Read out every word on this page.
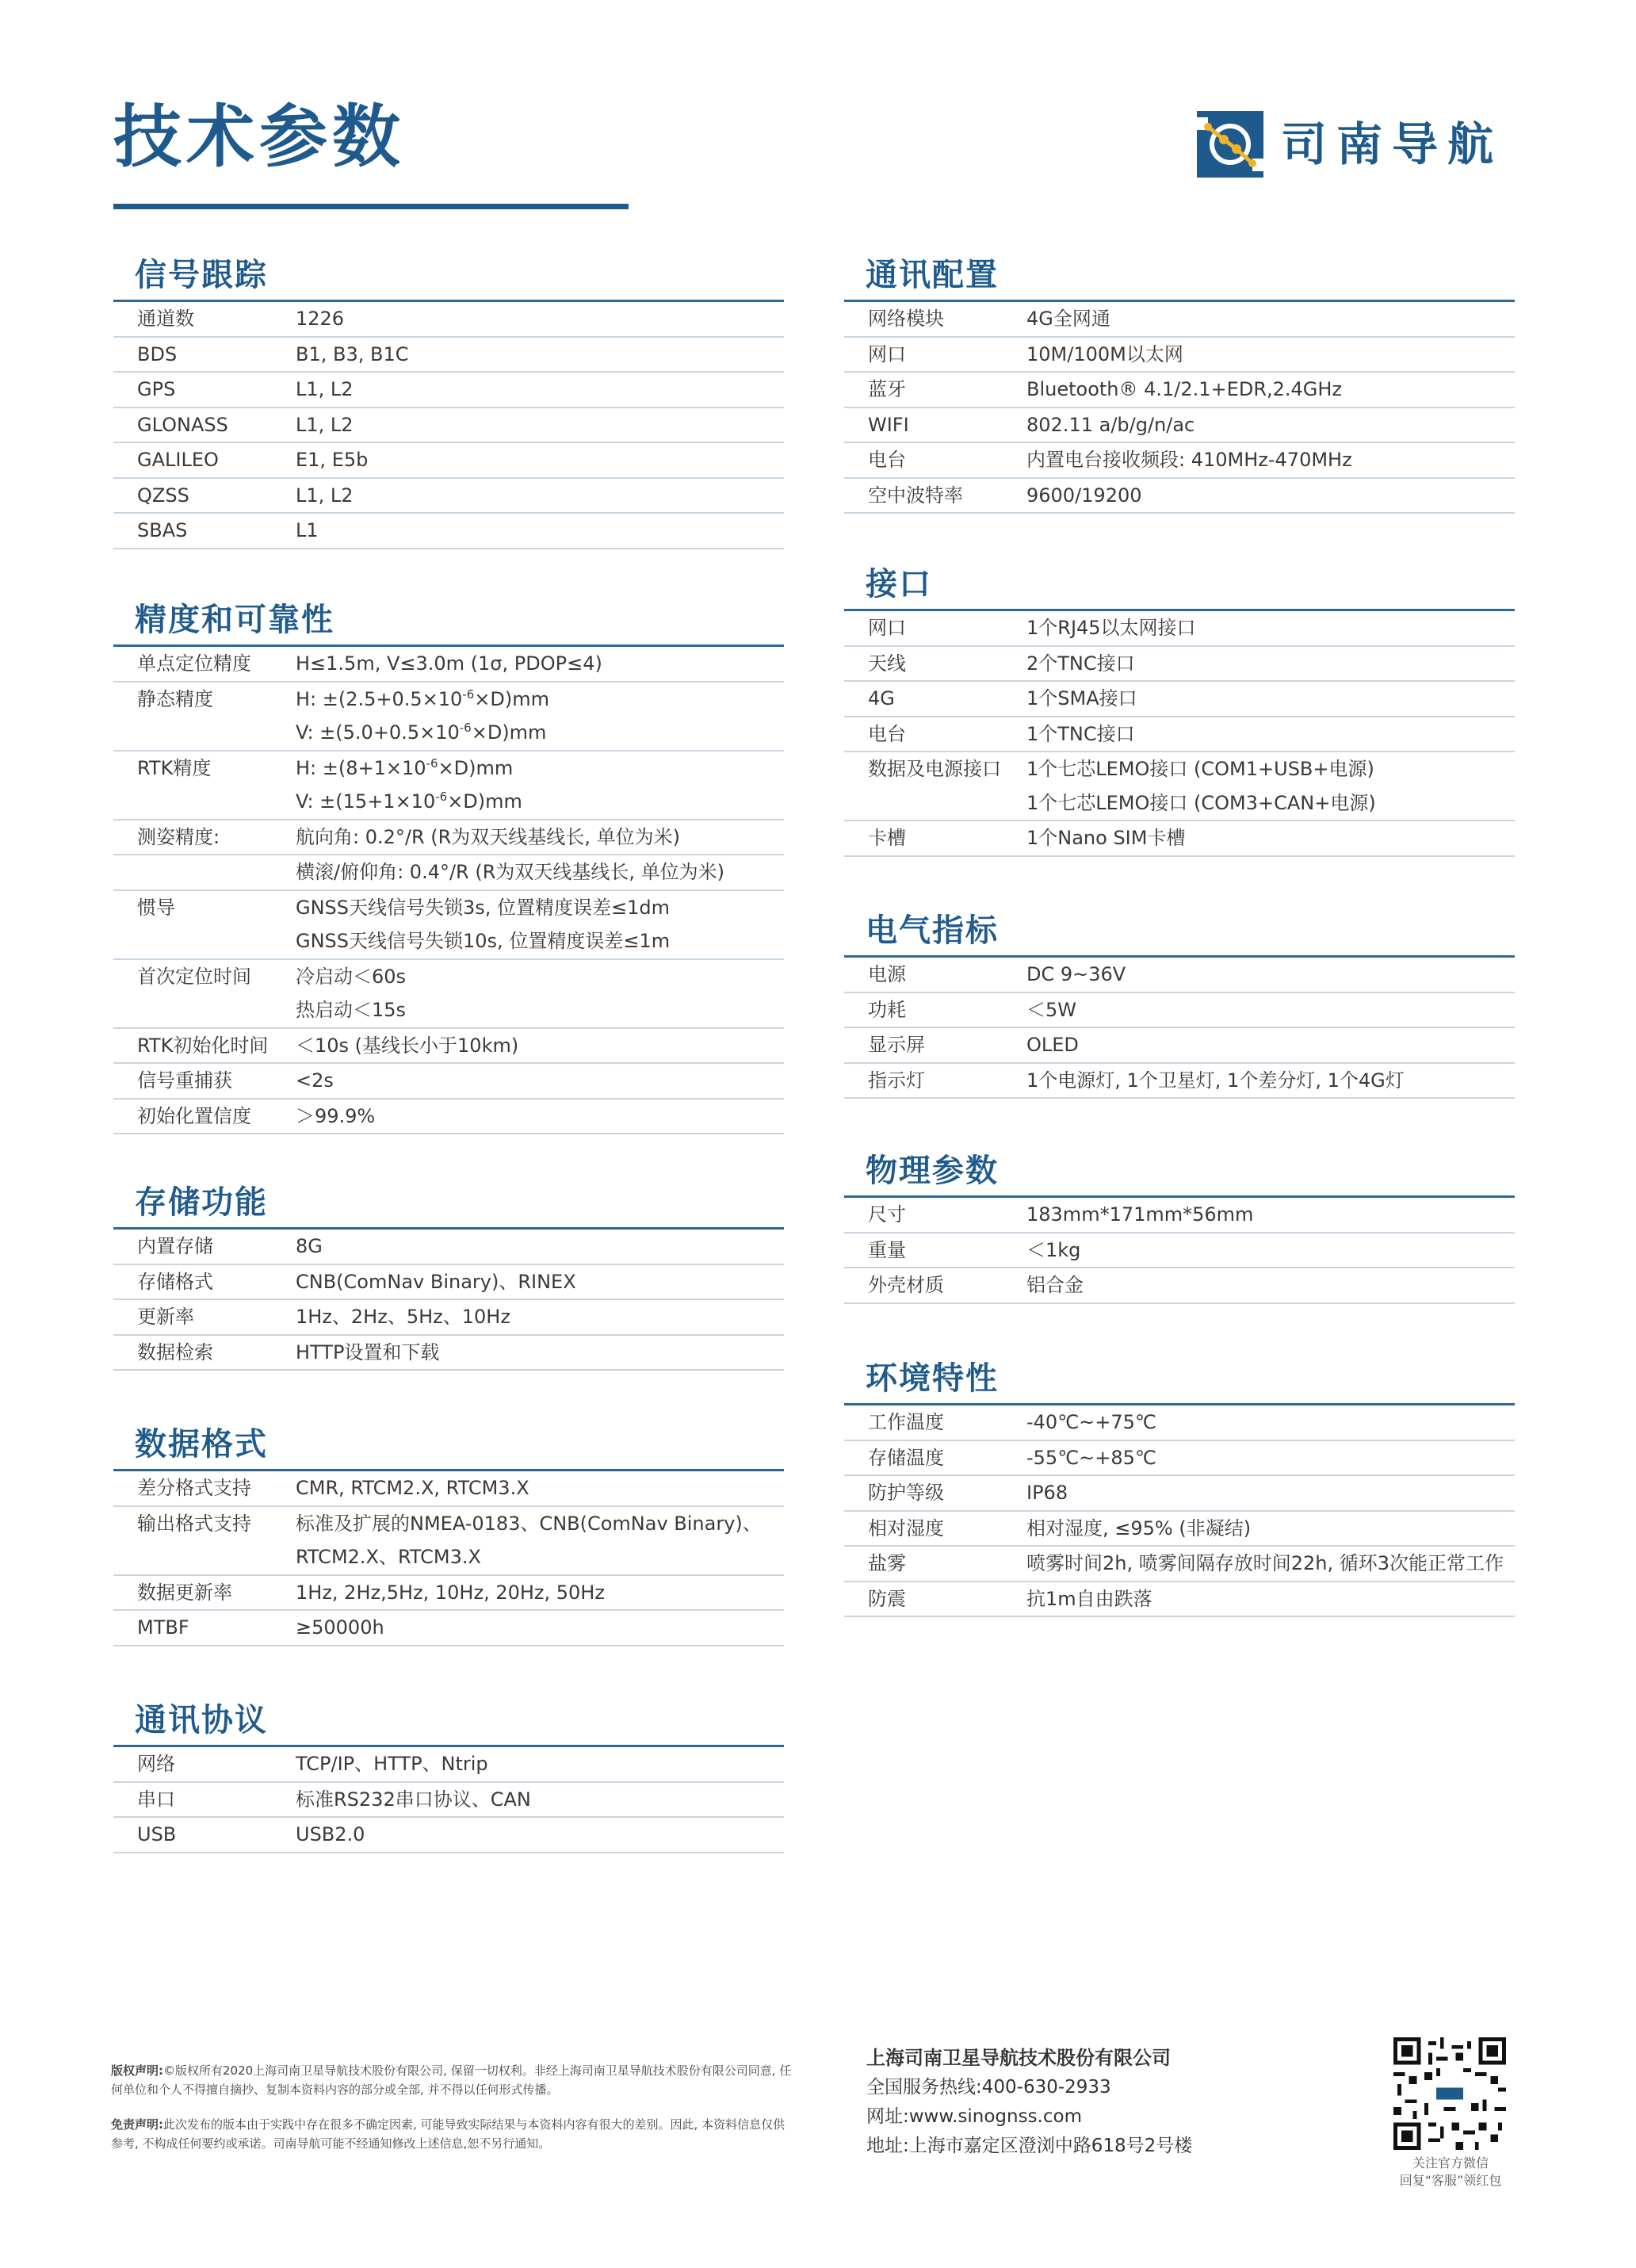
技术参数	司南导航
信号跟踪
通道数	1226
BDS	B1, B3, B1C
GPS	L1, L2
GLONASS	L1, L2
GALILEO	E1, E5b
QZSS	L1, L2
SBAS	L1
精度和可靠性
单点定位精度	H≤1.5m, V≤3.0m (1σ, PDOP≤4)
静态精度	H: $\pm(2.5+0.5\times 10^{-6}\times D)mm$
V: $\pm(5.0+0.5\times 10^{-6}\times D)mm$
RTK精度	H: $\pm(8+1\times 10^{-6}\times D)mm$
V: $\pm(15+1\times 10^{-6}\times D)mm$
测姿精度:	航向角: 0.2°/R (R为双天线基线长, 单位为米)
横滚/俯仰角: 0.4°/R (R为双天线基线长, 单位为米)
惯导	GNSS天线信号失锁3s, 位置精度误差≤1dm
GNSS天线信号失锁10s, 位置精度误差≤1m
首次定位时间	冷启动＜60s
热启动＜15s
RTK初始化时间	＜10s (基线长小于10km)
信号重捕获	<2s
初始化置信度	＞99.9%
存储功能
内置存储	8G
存储格式	CNB(ComNav Binary)、RINEX
更新率	1Hz、2Hz、5Hz、10Hz
数据检索	HTTP设置和下载
数据格式
差分格式支持	CMR, RTCM2.X, RTCM3.X
输出格式支持	标准及扩展的NMEA-0183、CNB(ComNav Binary)、
RTCM2.X、RTCM3.X
数据更新率	1Hz, 2Hz,5Hz, 10Hz, 20Hz, 50Hz
MTBF	≥50000h
通讯协议
网络	TCP/IP、HTTP、Ntrip
串口	标准RS232串口协议、CAN
USB	USB2.0
通讯配置
网络模块	4G全网通
网口	10M/100M以太网
蓝牙	Bluetooth® 4.1/2.1+EDR,2.4GHz
WIFI	802.11 a/b/g/n/ac
电台	内置电台接收频段: 410MHz-470MHz
空中波特率	9600/19200
接口
网口	1个RJ45以太网接口
天线	2个TNC接口
4G	1个SMA接口
电台	1个TNC接口
数据及电源接口	1个七芯LEMO接口 (COM1+USB+电源)
1个七芯LEMO接口 (COM3+CAN+电源)
卡槽	1个Nano SIM卡槽
电气指标
电源	DC 9~36V
功耗	＜5W
显示屏	OLED
指示灯	1个电源灯, 1个卫星灯, 1个差分灯, 1个4G灯
物理参数
尺寸	183mm*171mm*56mm
重量	＜1kg
外壳材质	铝合金
环境特性
工作温度	-40℃~+75℃
存储温度	-55℃~+85℃
防护等级	IP68
相对湿度	相对湿度, ≤95% (非凝结)
盐雾	喷雾时间2h, 喷雾间隔存放时间22h, 循环3次能正常工作
防震	抗1m自由跌落

版权声明:©版权所有2020上海司南卫星导航技术股份有限公司, 保留一切权利。非经上海司南卫星导航技术股份有限公司同意, 任何单位和个人不得擅自摘抄、复制本资料内容的部分或全部, 并不得以任何形式传播。

免责声明:此次发布的版本由于实践中存在很多不确定因素, 可能导致实际结果与本资料内容有很大的差别。因此, 本资料信息仅供参考, 不构成任何要约或承诺。司南导航可能不经通知修改上述信息,恕不另行通知。

上海司南卫星导航技术股份有限公司
全国服务热线:400-630-2933
网址:www.sinognss.com
地址:上海市嘉定区澄浏中路618号2号楼
关注官方微信
回复“客服”领红包
